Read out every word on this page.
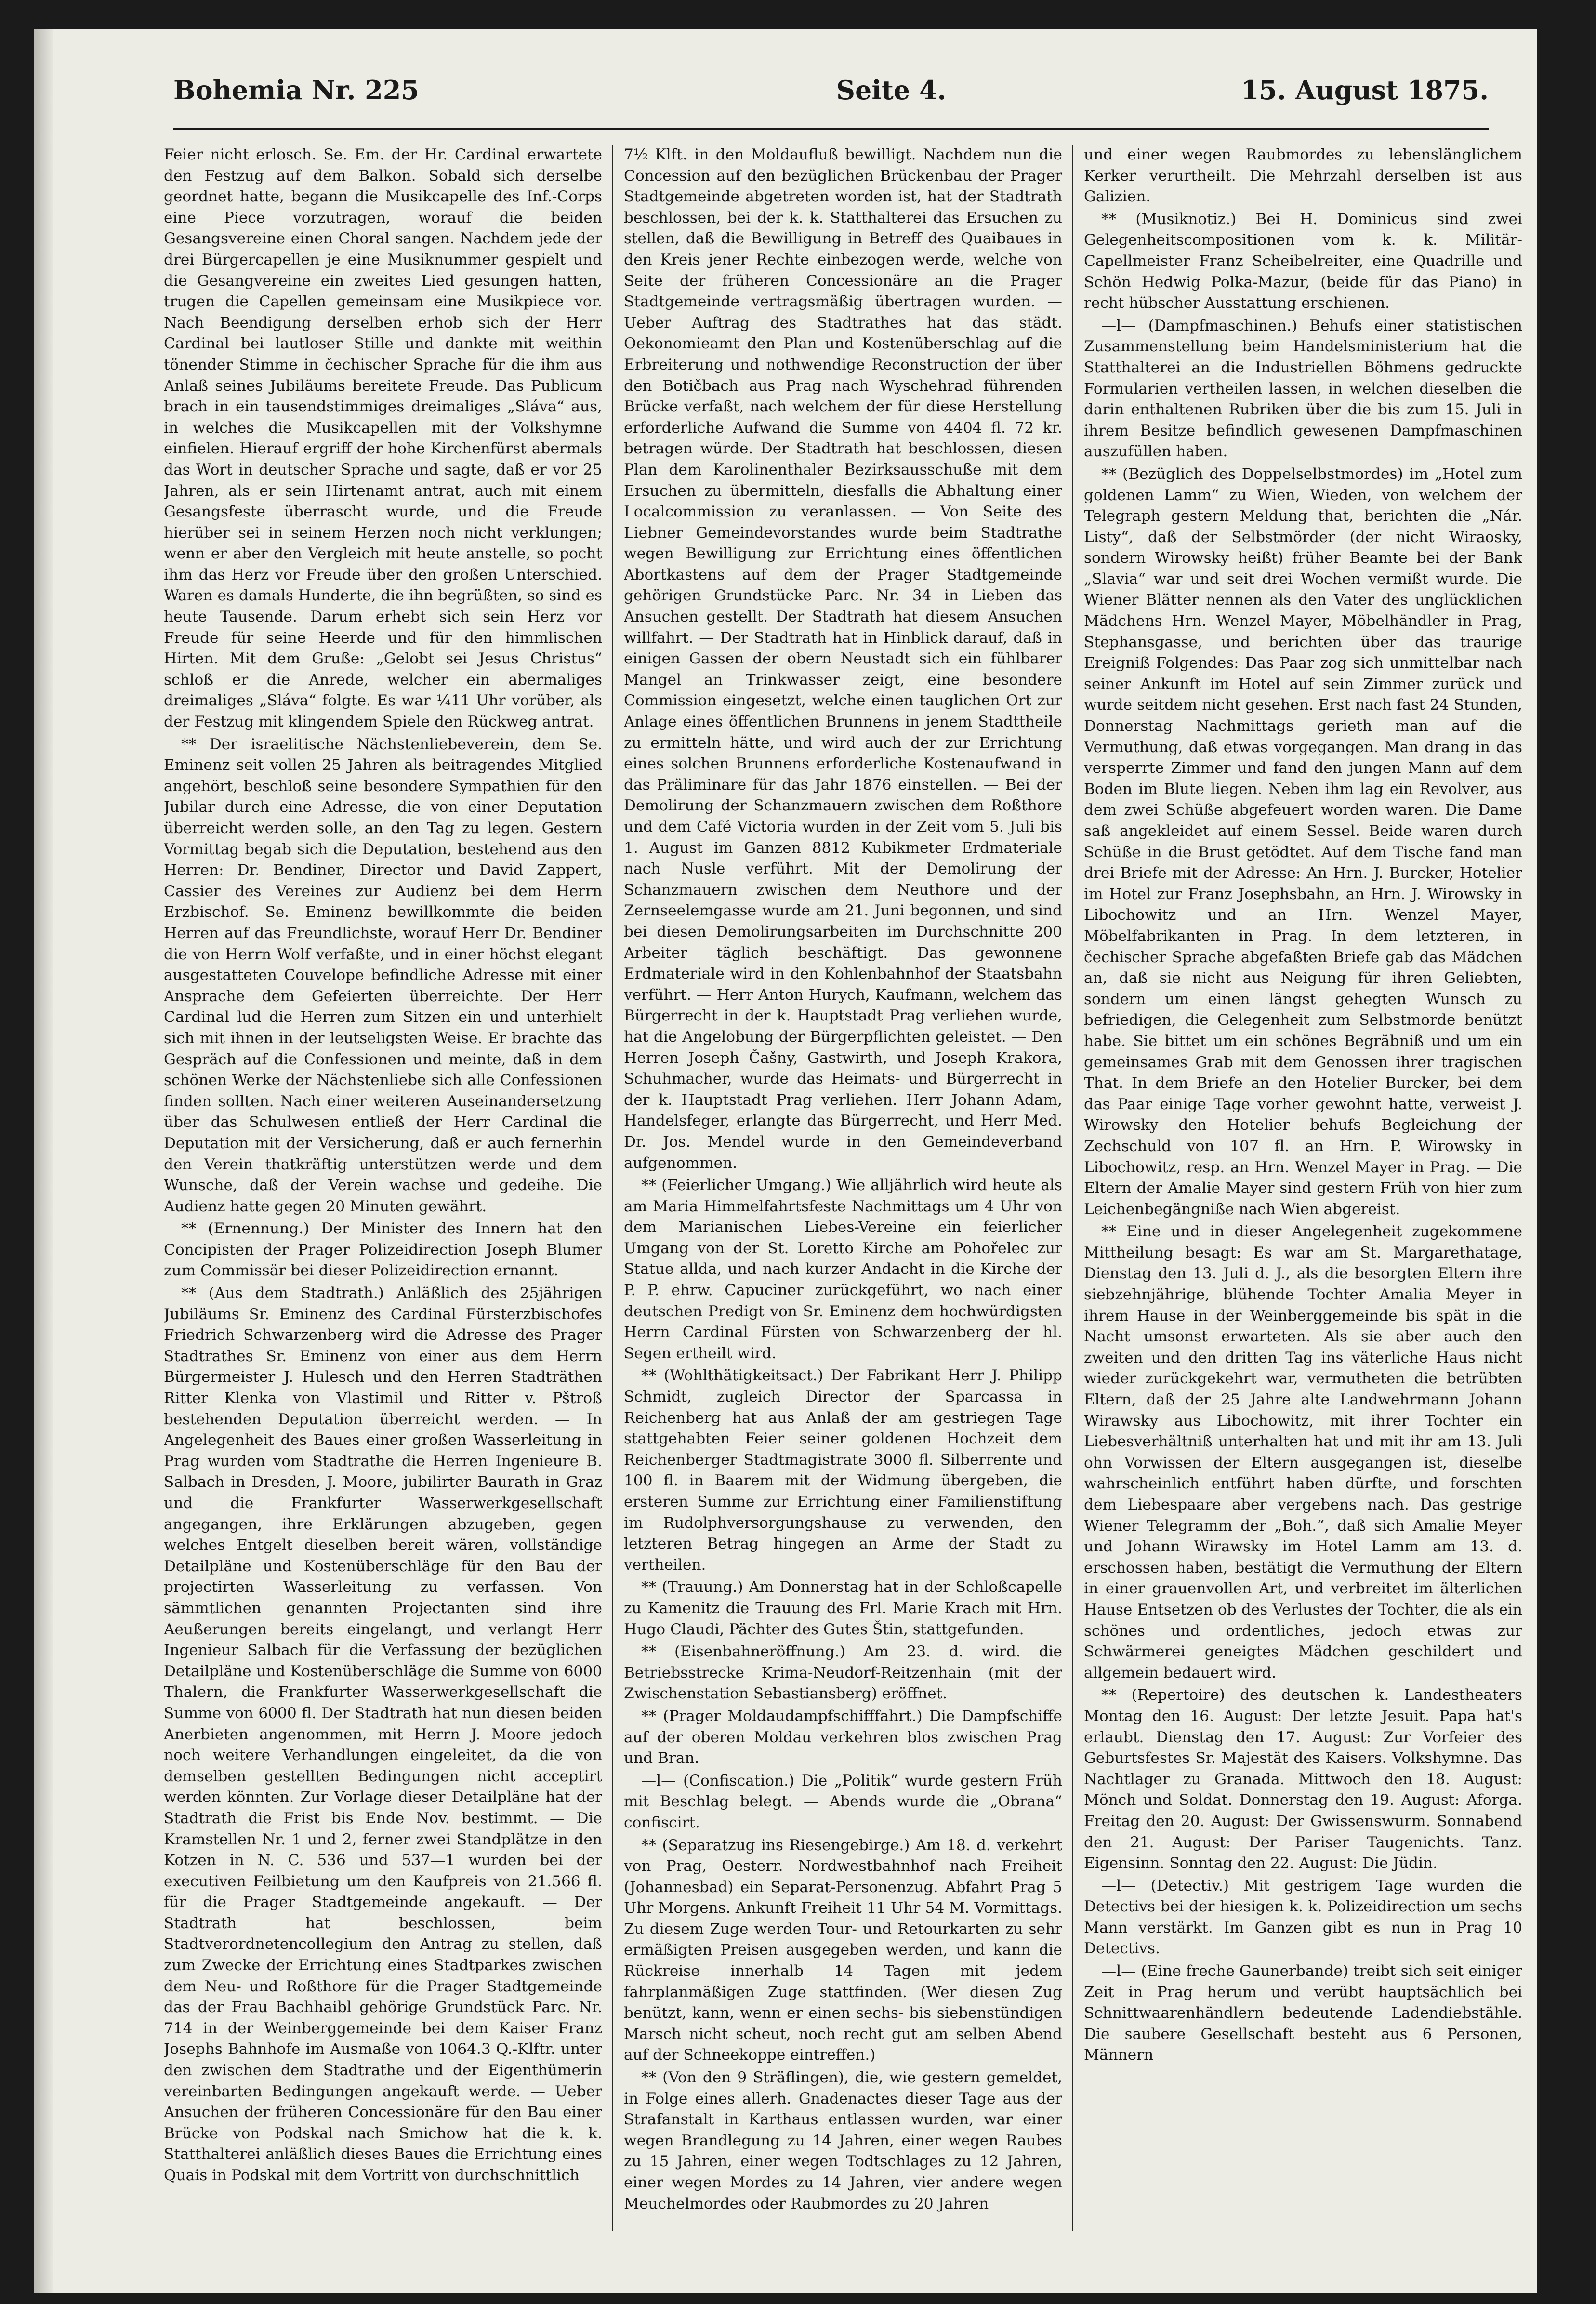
Bohemia Nr. 225	Seite 4.	15. August 1875.

Feier nicht erlosch. Se. Em. der Hr. Cardinal erwartete den Festzug auf dem Balkon. Sobald sich derselbe geordnet hatte, begann die Musikcapelle des Inf.-Corps eine Piece vorzutragen, worauf die beiden Gesangsvereine einen Choral sangen. Nachdem jede der drei Bürgercapellen je eine Musiknummer gespielt und die Gesangvereine ein zweites Lied gesungen hatten, trugen die Capellen gemeinsam eine Musikpiece vor. Nach Beendigung derselben erhob sich der Herr Cardinal bei lautloser Stille und dankte mit weithin tönender Stimme in čechischer Sprache für die ihm aus Anlaß seines Jubiläums bereitete Freude. Das Publicum brach in ein tausendstimmiges dreimaliges „Sláva“ aus, in welches die Musikcapellen mit der Volkshymne einfielen. Hierauf ergriff der hohe Kirchenfürst abermals das Wort in deutscher Sprache und sagte, daß er vor 25 Jahren, als er sein Hirtenamt antrat, auch mit einem Gesangsfeste überrascht wurde, und die Freude hierüber sei in seinem Herzen noch nicht verklungen; wenn er aber den Vergleich mit heute anstelle, so pocht ihm das Herz vor Freude über den großen Unterschied. Waren es damals Hunderte, die ihn begrüßten, so sind es heute Tausende. Darum erhebt sich sein Herz vor Freude für seine Heerde und für den himmlischen Hirten. Mit dem Gruße: „Gelobt sei Jesus Christus“ schloß er die Anrede, welcher ein abermaliges dreimaliges „Sláva“ folgte. Es war ¼11 Uhr vorüber, als der Festzug mit klingendem Spiele den Rückweg antrat.

** Der israelitische Nächstenliebeverein, dem Se. Eminenz seit vollen 25 Jahren als beitragendes Mitglied angehört, beschloß seine besondere Sympathien für den Jubilar durch eine Adresse, die von einer Deputation überreicht werden solle, an den Tag zu legen. Gestern Vormittag begab sich die Deputation, bestehend aus den Herren: Dr. Bendiner, Director und David Zappert, Cassier des Vereines zur Audienz bei dem Herrn Erzbischof. Se. Eminenz bewillkommte die beiden Herren auf das Freundlichste, worauf Herr Dr. Bendiner die von Herrn Wolf verfaßte, und in einer höchst elegant ausgestatteten Couvelope befindliche Adresse mit einer Ansprache dem Gefeierten überreichte. Der Herr Cardinal lud die Herren zum Sitzen ein und unterhielt sich mit ihnen in der leutseligsten Weise. Er brachte das Gespräch auf die Confessionen und meinte, daß in dem schönen Werke der Nächstenliebe sich alle Confessionen finden sollten. Nach einer weiteren Auseinandersetzung über das Schulwesen entließ der Herr Cardinal die Deputation mit der Versicherung, daß er auch fernerhin den Verein thatkräftig unterstützen werde und dem Wunsche, daß der Verein wachse und gedeihe. Die Audienz hatte gegen 20 Minuten gewährt.

** (Ernennung.) Der Minister des Innern hat den Concipisten der Prager Polizeidirection Joseph Blumer zum Commissär bei dieser Polizeidirection ernannt.

** (Aus dem Stadtrath.) Anläßlich des 25jährigen Jubiläums Sr. Eminenz des Cardinal Fürsterzbischofes Friedrich Schwarzenberg wird die Adresse des Prager Stadtrathes Sr. Eminenz von einer aus dem Herrn Bürgermeister J. Hulesch und den Herren Stadträthen Ritter Klenka von Vlastimil und Ritter v. Pštroß bestehenden Deputation überreicht werden. — In Angelegenheit des Baues einer großen Wasserleitung in Prag wurden vom Stadtrathe die Herren Ingenieure B. Salbach in Dresden, J. Moore, jubilirter Baurath in Graz und die Frankfurter Wasserwerkgesellschaft angegangen, ihre Erklärungen abzugeben, gegen welches Entgelt dieselben bereit wären, vollständige Detailpläne und Kostenüberschläge für den Bau der projectirten Wasserleitung zu verfassen. Von sämmtlichen genannten Projectanten sind ihre Aeußerungen bereits eingelangt, und verlangt Herr Ingenieur Salbach für die Verfassung der bezüglichen Detailpläne und Kostenüberschläge die Summe von 6000 Thalern, die Frankfurter Wasserwerkgesellschaft die Summe von 6000 fl. Der Stadtrath hat nun diesen beiden Anerbieten angenommen, mit Herrn J. Moore jedoch noch weitere Verhandlungen eingeleitet, da die von demselben gestellten Bedingungen nicht acceptirt werden könnten. Zur Vorlage dieser Detailpläne hat der Stadtrath die Frist bis Ende Nov. bestimmt. — Die Kramstellen Nr. 1 und 2, ferner zwei Standplätze in den Kotzen in N. C. 536 und 537—1 wurden bei der executiven Feilbietung um den Kaufpreis von 21.566 fl. für die Prager Stadtgemeinde angekauft. — Der Stadtrath hat beschlossen, beim Stadtverordnetencollegium den Antrag zu stellen, daß zum Zwecke der Errichtung eines Stadtparkes zwischen dem Neu- und Roßthore für die Prager Stadtgemeinde das der Frau Bachhaibl gehörige Grundstück Parc. Nr. 714 in der Weinberggemeinde bei dem Kaiser Franz Josephs Bahnhofe im Ausmaße von 1064.3 Q.-Klftr. unter den zwischen dem Stadtrathe und der Eigenthümerin vereinbarten Bedingungen angekauft werde. — Ueber Ansuchen der früheren Concessionäre für den Bau einer Brücke von Podskal nach Smichow hat die k. k. Statthalterei anläßlich dieses Baues die Errichtung eines Quais in Podskal mit dem Vortritt von durchschnittlich

7½ Klft. in den Moldaufluß bewilligt. Nachdem nun die Concession auf den bezüglichen Brückenbau der Prager Stadtgemeinde abgetreten worden ist, hat der Stadtrath beschlossen, bei der k. k. Statthalterei das Ersuchen zu stellen, daß die Bewilligung in Betreff des Quaibaues in den Kreis jener Rechte einbezogen werde, welche von Seite der früheren Concessionäre an die Prager Stadtgemeinde vertragsmäßig übertragen wurden. — Ueber Auftrag des Stadtrathes hat das städt. Oekonomieamt den Plan und Kostenüberschlag auf die Erbreiterung und nothwendige Reconstruction der über den Botičbach aus Prag nach Wyschehrad führenden Brücke verfaßt, nach welchem der für diese Herstellung erforderliche Aufwand die Summe von 4404 fl. 72 kr. betragen würde. Der Stadtrath hat beschlossen, diesen Plan dem Karolinenthaler Bezirksausschuße mit dem Ersuchen zu übermitteln, diesfalls die Abhaltung einer Localcommission zu veranlassen. — Von Seite des Liebner Gemeindevorstandes wurde beim Stadtrathe wegen Bewilligung zur Errichtung eines öffentlichen Abortkastens auf dem der Prager Stadtgemeinde gehörigen Grundstücke Parc. Nr. 34 in Lieben das Ansuchen gestellt. Der Stadtrath hat diesem Ansuchen willfahrt. — Der Stadtrath hat in Hinblick darauf, daß in einigen Gassen der obern Neustadt sich ein fühlbarer Mangel an Trinkwasser zeigt, eine besondere Commission eingesetzt, welche einen tauglichen Ort zur Anlage eines öffentlichen Brunnens in jenem Stadttheile zu ermitteln hätte, und wird auch der zur Errichtung eines solchen Brunnens erforderliche Kostenaufwand in das Präliminare für das Jahr 1876 einstellen. — Bei der Demolirung der Schanzmauern zwischen dem Roßthore und dem Café Victoria wurden in der Zeit vom 5. Juli bis 1. August im Ganzen 8812 Kubikmeter Erdmateriale nach Nusle verführt. Mit der Demolirung der Schanzmauern zwischen dem Neuthore und der Zernseelemgasse wurde am 21. Juni begonnen, und sind bei diesen Demolirungsarbeiten im Durchschnitte 200 Arbeiter täglich beschäftigt. Das gewonnene Erdmateriale wird in den Kohlenbahnhof der Staatsbahn verführt. — Herr Anton Hurych, Kaufmann, welchem das Bürgerrecht in der k. Hauptstadt Prag verliehen wurde, hat die Angelobung der Bürgerpflichten geleistet. — Den Herren Joseph Čašny, Gastwirth, und Joseph Krakora, Schuhmacher, wurde das Heimats- und Bürgerrecht in der k. Hauptstadt Prag verliehen. Herr Johann Adam, Handelsfeger, erlangte das Bürgerrecht, und Herr Med. Dr. Jos. Mendel wurde in den Gemeindeverband aufgenommen.

** (Feierlicher Umgang.) Wie alljährlich wird heute als am Maria Himmelfahrtsfeste Nachmittags um 4 Uhr von dem Marianischen Liebes-Vereine ein feierlicher Umgang von der St. Loretto Kirche am Pohořelec zur Statue allda, und nach kurzer Andacht in die Kirche der P. P. ehrw. Capuciner zurückgeführt, wo nach einer deutschen Predigt von Sr. Eminenz dem hochwürdigsten Herrn Cardinal Fürsten von Schwarzenberg der hl. Segen ertheilt wird.

** (Wohlthätigkeitsact.) Der Fabrikant Herr J. Philipp Schmidt, zugleich Director der Sparcassa in Reichenberg hat aus Anlaß der am gestriegen Tage stattgehabten Feier seiner goldenen Hochzeit dem Reichenberger Stadtmagistrate 3000 fl. Silberrente und 100 fl. in Baarem mit der Widmung übergeben, die ersteren Summe zur Errichtung einer Familienstiftung im Rudolphversorgungshause zu verwenden, den letzteren Betrag hingegen an Arme der Stadt zu vertheilen.

** (Trauung.) Am Donnerstag hat in der Schloßcapelle zu Kamenitz die Trauung des Frl. Marie Krach mit Hrn. Hugo Claudi, Pächter des Gutes Štin, stattgefunden.

** (Eisenbahneröffnung.) Am 23. d. wird. die Betriebsstrecke Krima-Neudorf-Reitzenhain (mit der Zwischenstation Sebastiansberg) eröffnet.

** (Prager Moldaudampfschifffahrt.) Die Dampfschiffe auf der oberen Moldau verkehren blos zwischen Prag und Bran.

—l— (Confiscation.) Die „Politik“ wurde gestern Früh mit Beschlag belegt. — Abends wurde die „Obrana“ confiscirt.

** (Separatzug ins Riesengebirge.) Am 18. d. verkehrt von Prag, Oesterr. Nordwestbahnhof nach Freiheit (Johannesbad) ein Separat-Personenzug. Abfahrt Prag 5 Uhr Morgens. Ankunft Freiheit 11 Uhr 54 M. Vormittags. Zu diesem Zuge werden Tour- und Retourkarten zu sehr ermäßigten Preisen ausgegeben werden, und kann die Rückreise innerhalb 14 Tagen mit jedem fahrplanmäßigen Zuge stattfinden. (Wer diesen Zug benützt, kann, wenn er einen sechs- bis siebenstündigen Marsch nicht scheut, noch recht gut am selben Abend auf der Schneekoppe eintreffen.)

** (Von den 9 Sträflingen), die, wie gestern gemeldet, in Folge eines allerh. Gnadenactes dieser Tage aus der Strafanstalt in Karthaus entlassen wurden, war einer wegen Brandlegung zu 14 Jahren, einer wegen Raubes zu 15 Jahren, einer wegen Todtschlages zu 12 Jahren, einer wegen Mordes zu 14 Jahren, vier andere wegen Meuchelmordes oder Raubmordes zu 20 Jahren

und einer wegen Raubmordes zu lebenslänglichem Kerker verurtheilt. Die Mehrzahl derselben ist aus Galizien.

** (Musiknotiz.) Bei H. Dominicus sind zwei Gelegenheitscompositionen vom k. k. Militär-Capellmeister Franz Scheibelreiter, eine Quadrille und Schön Hedwig Polka-Mazur, (beide für das Piano) in recht hübscher Ausstattung erschienen.

—l— (Dampfmaschinen.) Behufs einer statistischen Zusammenstellung beim Handelsministerium hat die Statthalterei an die Industriellen Böhmens gedruckte Formularien vertheilen lassen, in welchen dieselben die darin enthaltenen Rubriken über die bis zum 15. Juli in ihrem Besitze befindlich gewesenen Dampfmaschinen auszufüllen haben.

** (Bezüglich des Doppelselbstmordes) im „Hotel zum goldenen Lamm“ zu Wien, Wieden, von welchem der Telegraph gestern Meldung that, berichten die „Nár. Listy“, daß der Selbstmörder (der nicht Wiraosky, sondern Wirowsky heißt) früher Beamte bei der Bank „Slavia“ war und seit drei Wochen vermißt wurde. Die Wiener Blätter nennen als den Vater des unglücklichen Mädchens Hrn. Wenzel Mayer, Möbelhändler in Prag, Stephansgasse, und berichten über das traurige Ereigniß Folgendes: Das Paar zog sich unmittelbar nach seiner Ankunft im Hotel auf sein Zimmer zurück und wurde seitdem nicht gesehen. Erst nach fast 24 Stunden, Donnerstag Nachmittags gerieth man auf die Vermuthung, daß etwas vorgegangen. Man drang in das versperrte Zimmer und fand den jungen Mann auf dem Boden im Blute liegen. Neben ihm lag ein Revolver, aus dem zwei Schüße abgefeuert worden waren. Die Dame saß angekleidet auf einem Sessel. Beide waren durch Schüße in die Brust getödtet. Auf dem Tische fand man drei Briefe mit der Adresse: An Hrn. J. Burcker, Hotelier im Hotel zur Franz Josephsbahn, an Hrn. J. Wirowsky in Libochowitz und an Hrn. Wenzel Mayer, Möbelfabrikanten in Prag. In dem letzteren, in čechischer Sprache abgefaßten Briefe gab das Mädchen an, daß sie nicht aus Neigung für ihren Geliebten, sondern um einen längst gehegten Wunsch zu befriedigen, die Gelegenheit zum Selbstmorde benützt habe. Sie bittet um ein schönes Begräbniß und um ein gemeinsames Grab mit dem Genossen ihrer tragischen That. In dem Briefe an den Hotelier Burcker, bei dem das Paar einige Tage vorher gewohnt hatte, verweist J. Wirowsky den Hotelier behufs Begleichung der Zechschuld von 107 fl. an Hrn. P. Wirowsky in Libochowitz, resp. an Hrn. Wenzel Mayer in Prag. — Die Eltern der Amalie Mayer sind gestern Früh von hier zum Leichenbegängniße nach Wien abgereist.

** Eine und in dieser Angelegenheit zugekommene Mittheilung besagt: Es war am St. Margarethatage, Dienstag den 13. Juli d. J., als die besorgten Eltern ihre siebzehnjährige, blühende Tochter Amalia Meyer in ihrem Hause in der Weinberggemeinde bis spät in die Nacht umsonst erwarteten. Als sie aber auch den zweiten und den dritten Tag ins väterliche Haus nicht wieder zurückgekehrt war, vermutheten die betrübten Eltern, daß der 25 Jahre alte Landwehrmann Johann Wirawsky aus Libochowitz, mit ihrer Tochter ein Liebesverhältniß unterhalten hat und mit ihr am 13. Juli ohn Vorwissen der Eltern ausgegangen ist, dieselbe wahrscheinlich entführt haben dürfte, und forschten dem Liebespaare aber vergebens nach. Das gestrige Wiener Telegramm der „Boh.“, daß sich Amalie Meyer und Johann Wirawsky im Hotel Lamm am 13. d. erschossen haben, bestätigt die Vermuthung der Eltern in einer grauenvollen Art, und verbreitet im älterlichen Hause Entsetzen ob des Verlustes der Tochter, die als ein schönes und ordentliches, jedoch etwas zur Schwärmerei geneigtes Mädchen geschildert und allgemein bedauert wird.

** (Repertoire) des deutschen k. Landestheaters Montag den 16. August: Der letzte Jesuit. Papa hat's erlaubt. Dienstag den 17. August: Zur Vorfeier des Geburtsfestes Sr. Majestät des Kaisers. Volkshymne. Das Nachtlager zu Granada. Mittwoch den 18. August: Mönch und Soldat. Donnerstag den 19. August: Aforga. Freitag den 20. August: Der Gwissenswurm. Sonnabend den 21. August: Der Pariser Taugenichts. Tanz. Eigensinn. Sonntag den 22. August: Die Jüdin.

—l— (Detectiv.) Mit gestrigem Tage wurden die Detectivs bei der hiesigen k. k. Polizeidirection um sechs Mann verstärkt. Im Ganzen gibt es nun in Prag 10 Detectivs.

—l— (Eine freche Gaunerbande) treibt sich seit einiger Zeit in Prag herum und verübt hauptsächlich bei Schnittwaarenhändlern bedeutende Ladendiebstähle. Die saubere Gesellschaft besteht aus 6 Personen, Männern
